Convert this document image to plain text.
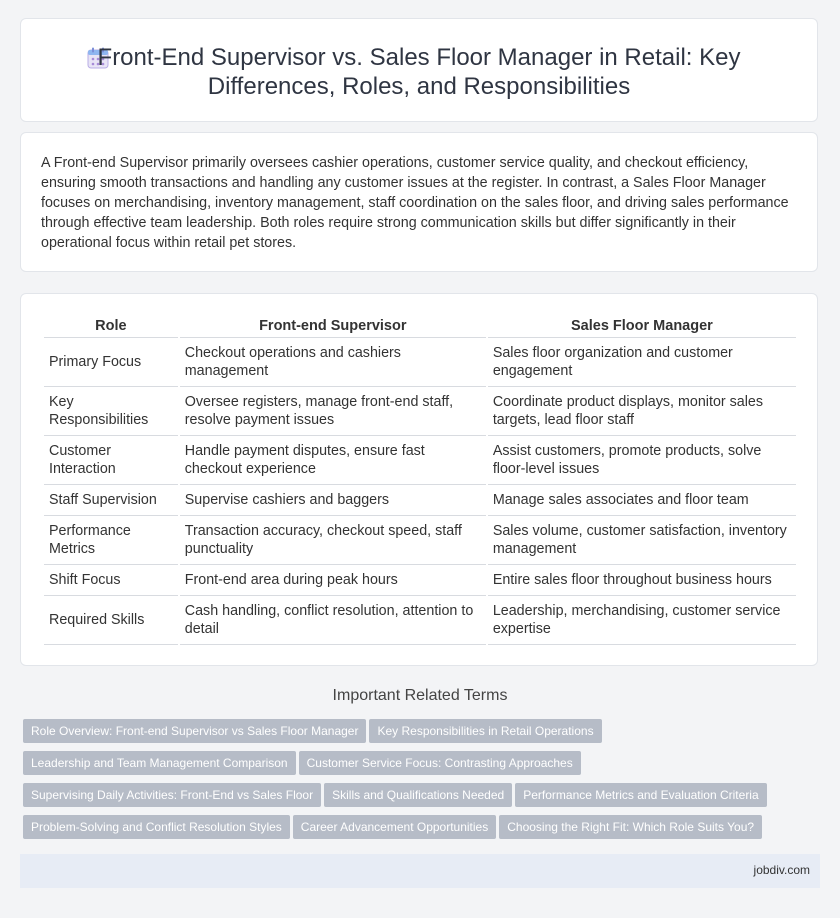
Front-End Supervisor vs. Sales Floor Manager in Retail: Key Differences, Roles, and Responsibilities

A Front-end Supervisor primarily oversees cashier operations, customer service quality, and checkout efficiency, ensuring smooth transactions and handling any customer issues at the register. In contrast, a Sales Floor Manager focuses on merchandising, inventory management, staff coordination on the sales floor, and driving sales performance through effective team leadership. Both roles require strong communication skills but differ significantly in their operational focus within retail pet stores.

Role	Front-end Supervisor	Sales Floor Manager
Primary Focus	Checkout operations and cashiers management	Sales floor organization and customer engagement
Key Responsibilities	Oversee registers, manage front-end staff, resolve payment issues	Coordinate product displays, monitor sales targets, lead floor staff
Customer Interaction	Handle payment disputes, ensure fast checkout experience	Assist customers, promote products, solve floor-level issues
Staff Supervision	Supervise cashiers and baggers	Manage sales associates and floor team
Performance Metrics	Transaction accuracy, checkout speed, staff punctuality	Sales volume, customer satisfaction, inventory management
Shift Focus	Front-end area during peak hours	Entire sales floor throughout business hours
Required Skills	Cash handling, conflict resolution, attention to detail	Leadership, merchandising, customer service expertise
Important Related Terms
Role Overview: Front-end Supervisor vs Sales Floor Manager Key Responsibilities in Retail Operations
Leadership and Team Management Comparison Customer Service Focus: Contrasting Approaches
Supervising Daily Activities: Front-End vs Sales Floor Skills and Qualifications Needed Performance Metrics and Evaluation Criteria
Problem-Solving and Conflict Resolution Styles Career Advancement Opportunities Choosing the Right Fit: Which Role Suits You?
jobdiv.com
